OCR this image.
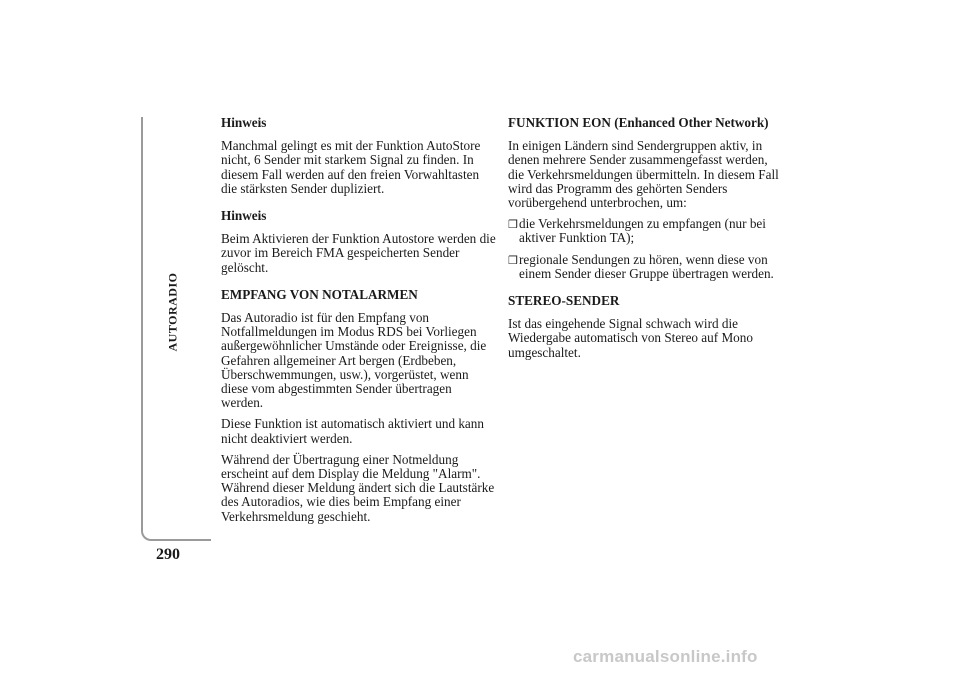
AUTORADIO
290
Hinweis
Manchmal gelingt es mit der Funktion AutoStore nicht, 6 Sender mit starkem Signal zu finden. In diesem Fall werden auf den freien Vorwahltasten die stärksten Sender dupliziert.
Hinweis
Beim Aktivieren der Funktion Autostore werden die zuvor im Bereich FMA gespeicherten Sender gelöscht.
EMPFANG VON NOTALARMEN
Das Autoradio ist für den Empfang von Notfallmeldungen im Modus RDS bei Vorliegen außergewöhnlicher Umstände oder Ereignisse, die Gefahren allgemeiner Art bergen (Erdbeben, Überschwemmungen, usw.), vorgerüstet, wenn diese vom abgestimmten Sender übertragen werden.
Diese Funktion ist automatisch aktiviert und kann nicht deaktiviert werden.
Während der Übertragung einer Notmeldung erscheint auf dem Display die Meldung "Alarm". Während dieser Meldung ändert sich die Lautstärke des Autoradios, wie dies beim Empfang einer Verkehrsmeldung geschieht.
FUNKTION EON (Enhanced Other Network)
In einigen Ländern sind Sendergruppen aktiv, in denen mehrere Sender zusammengefasst werden, die Verkehrsmeldungen übermitteln. In diesem Fall wird das Programm des gehörten Senders vorübergehend unterbrochen, um:
❒ die Verkehrsmeldungen zu empfangen (nur bei aktiver Funktion TA);
❒ regionale Sendungen zu hören, wenn diese von einem Sender dieser Gruppe übertragen werden.
STEREO-SENDER
Ist das eingehende Signal schwach wird die Wiedergabe automatisch von Stereo auf Mono umgeschaltet.
carmanualsonline.info
